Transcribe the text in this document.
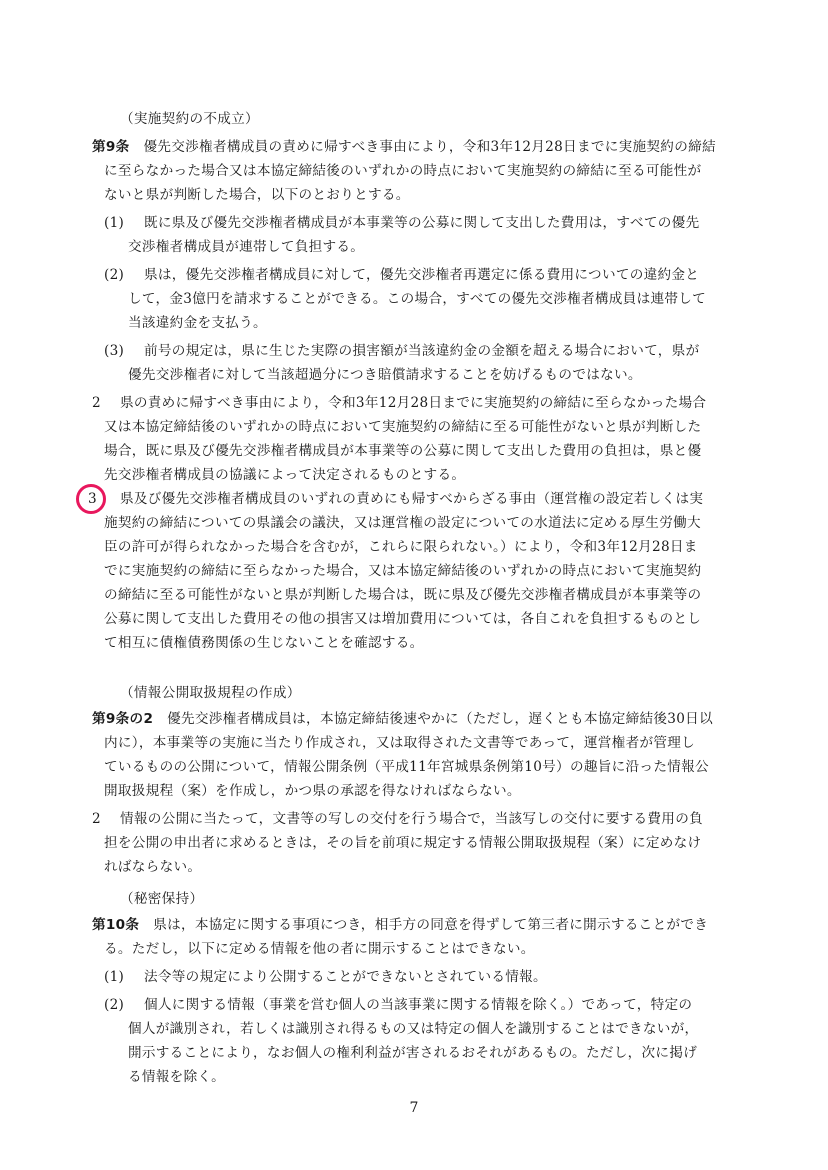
（実施契約の不成立）
第9条　 優先交渉権者構成員の責めに帰すべき事由により，令和3年12月28日までに実施契約の締結
に至らなかった場合又は本協定締結後のいずれかの時点において実施契約の締結に至る可能性が
ないと県が判断した場合，以下のとおりとする。
(1) 既に県及び優先交渉権者構成員が本事業等の公募に関して支出した費用は，すべての優先
交渉権者構成員が連帯して負担する。
(2) 県は，優先交渉権者構成員に対して，優先交渉権者再選定に係る費用についての違約金と
して，金3億円を請求することができる。この場合，すべての優先交渉権者構成員は連帯して
当該違約金を支払う。
(3) 前号の規定は，県に生じた実際の損害額が当該違約金の金額を超える場合において，県が
優先交渉権者に対して当該超過分につき賠償請求することを妨げるものではない。
2 県の責めに帰すべき事由により，令和3年12月28日までに実施契約の締結に至らなかった場合
又は本協定締結後のいずれかの時点において実施契約の締結に至る可能性がないと県が判断した
場合，既に県及び優先交渉権者構成員が本事業等の公募に関して支出した費用の負担は，県と優
先交渉権者構成員の協議によって決定されるものとする。
3 県及び優先交渉権者構成員のいずれの責めにも帰すべからざる事由（運営権の設定若しくは実
施契約の締結についての県議会の議決，又は運営権の設定についての水道法に定める厚生労働大
臣の許可が得られなかった場合を含むが，これらに限られない。）により，令和3年12月28日ま
でに実施契約の締結に至らなかった場合，又は本協定締結後のいずれかの時点において実施契約
の締結に至る可能性がないと県が判断した場合は，既に県及び優先交渉権者構成員が本事業等の
公募に関して支出した費用その他の損害又は増加費用については，各自これを負担するものとし
て相互に債権債務関係の生じないことを確認する。
（情報公開取扱規程の作成）
第9条の2　 優先交渉権者構成員は，本協定締結後速やかに（ただし，遅くとも本協定締結後30日以
内に），本事業等の実施に当たり作成され，又は取得された文書等であって，運営権者が管理し
ているものの公開について，情報公開条例（平成11年宮城県条例第10号）の趣旨に沿った情報公
開取扱規程（案）を作成し，かつ県の承認を得なければならない。
2 情報の公開に当たって，文書等の写しの交付を行う場合で，当該写しの交付に要する費用の負
担を公開の申出者に求めるときは，その旨を前項に規定する情報公開取扱規程（案）に定めなけ
ればならない。
（秘密保持）
第10条　 県は，本協定に関する事項につき，相手方の同意を得ずして第三者に開示することができ
る。ただし，以下に定める情報を他の者に開示することはできない。
(1) 法令等の規定により公開することができないとされている情報。
(2) 個人に関する情報（事業を営む個人の当該事業に関する情報を除く。）であって，特定の
個人が識別され，若しくは識別され得るもの又は特定の個人を識別することはできないが，
開示することにより，なお個人の権利利益が害されるおそれがあるもの。ただし，次に掲げ
る情報を除く。
7
